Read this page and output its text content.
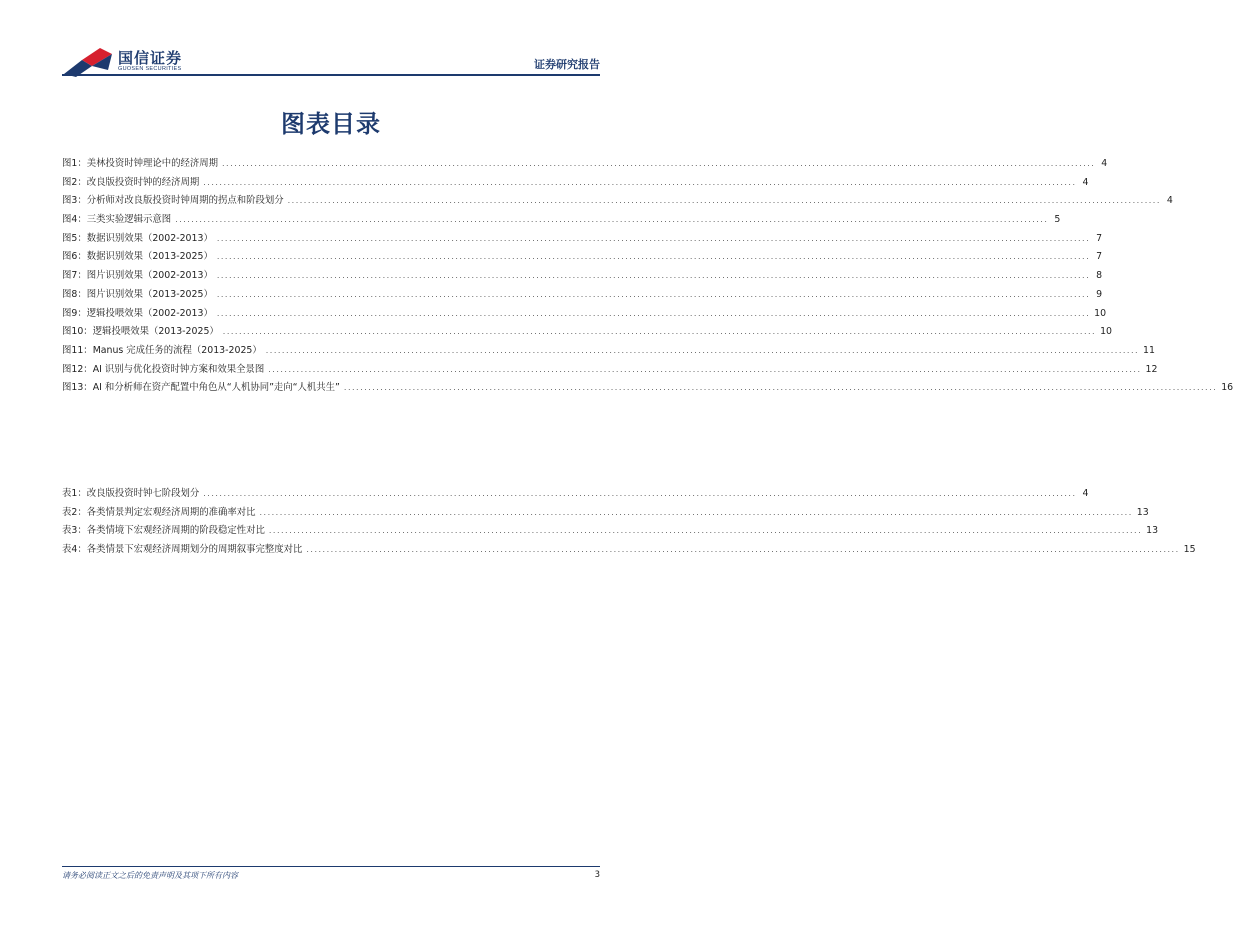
国信证券
GUOSEN SECURITIES	证券研究报告
图表目录
图1： 美林投资时钟理论中的经济周期 .....	4
图2： 改良版投资时钟的经济周期 .....	4
图3： 分析师对改良版投资时钟周期的拐点和阶段划分 .....	4
图4： 三类实验逻辑示意图 .....	5
图5： 数据识别效果（2002-2013） .....	7
图6： 数据识别效果（2013-2025） .....	7
图7： 图片识别效果（2002-2013） .....	8
图8： 图片识别效果（2013-2025） .....	9
图9： 逻辑投喂效果（2002-2013） .....	10
图10： 逻辑投喂效果（2013-2025） .....	10
图11： Manus 完成任务的流程（2013-2025） .....	11
图12： AI 识别与优化投资时钟方案和效果全景图 .....	12
图13： AI 和分析师在资产配置中角色从“人机协同”走向“人机共生” .....	16
表1： 改良版投资时钟七阶段划分 .....	4
表2： 各类情景判定宏观经济周期的准确率对比 .....	13
表3： 各类情境下宏观经济周期的阶段稳定性对比 .....	13
表4： 各类情景下宏观经济周期划分的周期叙事完整度对比 .....	15
请务必阅读正文之后的免责声明及其项下所有内容	3
